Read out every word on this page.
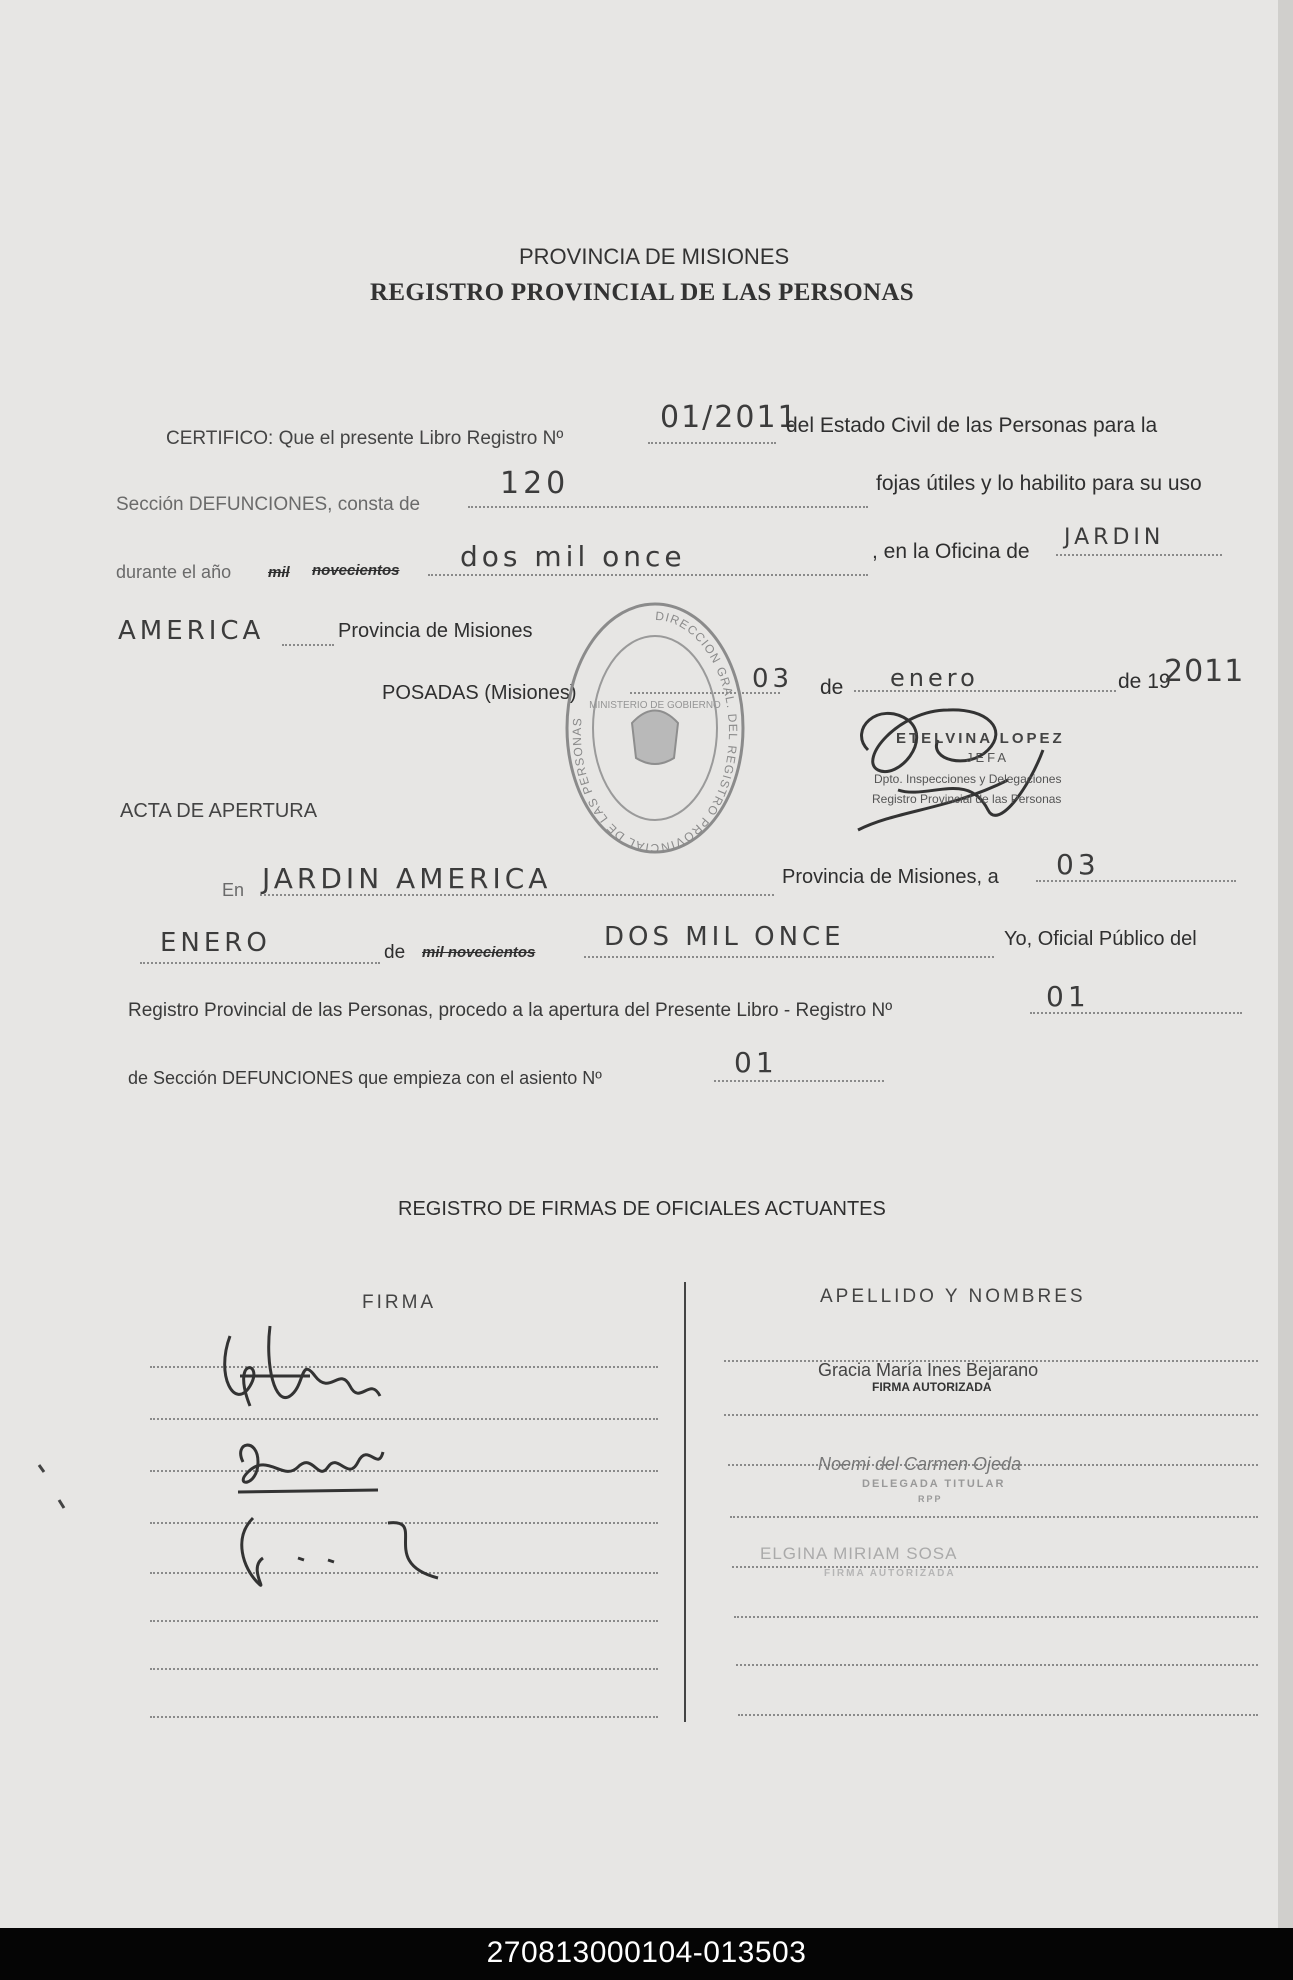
PROVINCIA DE MISIONES
REGISTRO PROVINCIAL DE LAS PERSONAS
CERTIFICO: Que el presente Libro Registro Nº
01/2011
del Estado Civil de las Personas para la
Sección DEFUNCIONES, consta de
120	fojas útiles y lo habilito para su uso
durante el año mil novecientos dos mil once	, en la Oficina de
JARDIN
AMERICA	Provincia de Misiones
POSADAS (Misiones)	03 de enero	de 19
2011
DIRECCION GRAL. DEL REGISTRO PROVINCIAL DE LAS PERSONAS
MINISTERIO DE GOBIERNO
ETELVINA LOPEZ
JEFA
Dpto. Inspecciones y Delegaciones
Registro Provincial de las Personas
ACTA DE APERTURA
En JARDIN AMERICA	Provincia de Misiones, a 03
ENERO	de mil novecientos
DOS MIL ONCE	Yo, Oficial Público del
Registro Provincial de las Personas, procedo a la apertura del Presente Libro - Registro Nº	01
de Sección DEFUNCIONES que empieza con el asiento Nº	01
REGISTRO DE FIRMAS DE OFICIALES ACTUANTES
FIRMA	APELLIDO Y NOMBRES
Gracia María Ines Bejarano
FIRMA AUTORIZADA
Noemi del Carmen Ojeda
DELEGADA TITULAR
RPP
ELGINA MIRIAM SOSA
FIRMA AUTORIZADA
270813000104-013503
